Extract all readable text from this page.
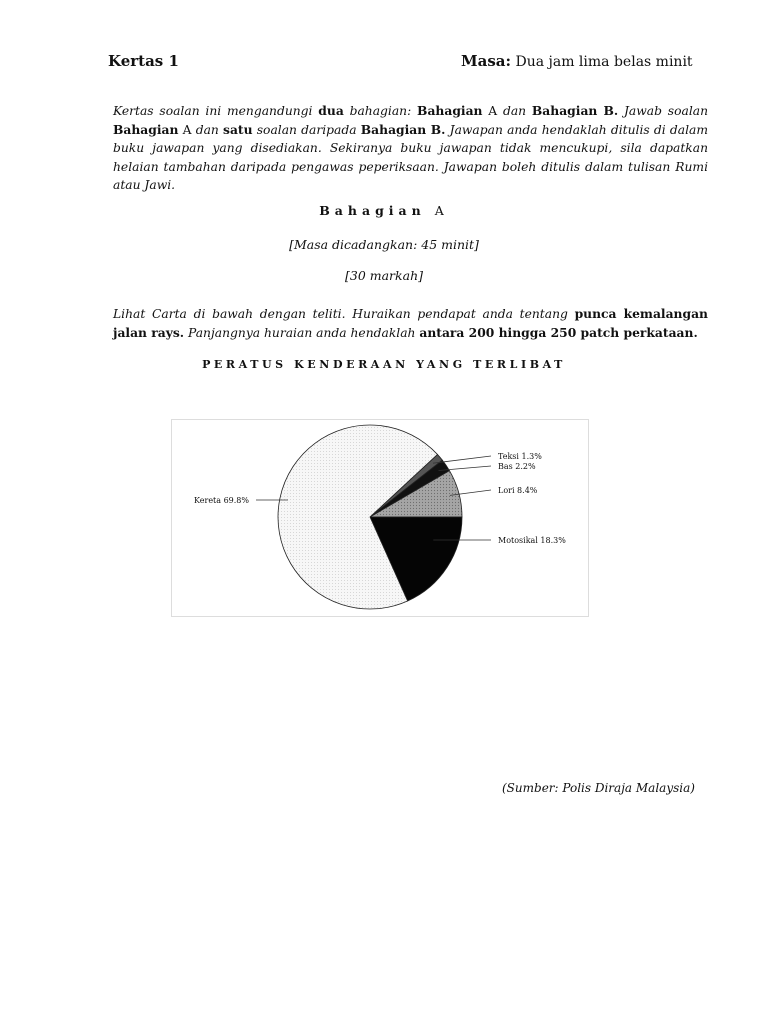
Kertas 1	Masa: Dua jam lima belas minit
Kertas soalan ini mengandungi dua bahagian: Bahagian A dan Bahagian B. Jawab soalan Bahagian A dan satu soalan daripada Bahagian B. Jawapan anda hendaklah ditulis di dalam buku jawapan yang disediakan. Sekiranya buku jawapan tidak mencukupi, sila dapatkan helaian tambahan daripada pengawas peperiksaan. Jawapan boleh ditulis dalam tulisan Rumi atau Jawi.
Bahagian A
[Masa dicadangkan: 45 minit]
[30 markah]
Lihat Carta di bawah dengan teliti. Huraikan pendapat anda tentang punca kemalangan jalan rays. Panjangnya huraian anda hendaklah antara 200 hingga 250 patch perkataan.
PERATUS KENDERAAN YANG TERLIBAT
Teksi 1.3%
Bas 2.2%
Lori 8.4%
Motosikal 18.3%
Kereta 69.8%
(Sumber: Polis Diraja Malaysia)
